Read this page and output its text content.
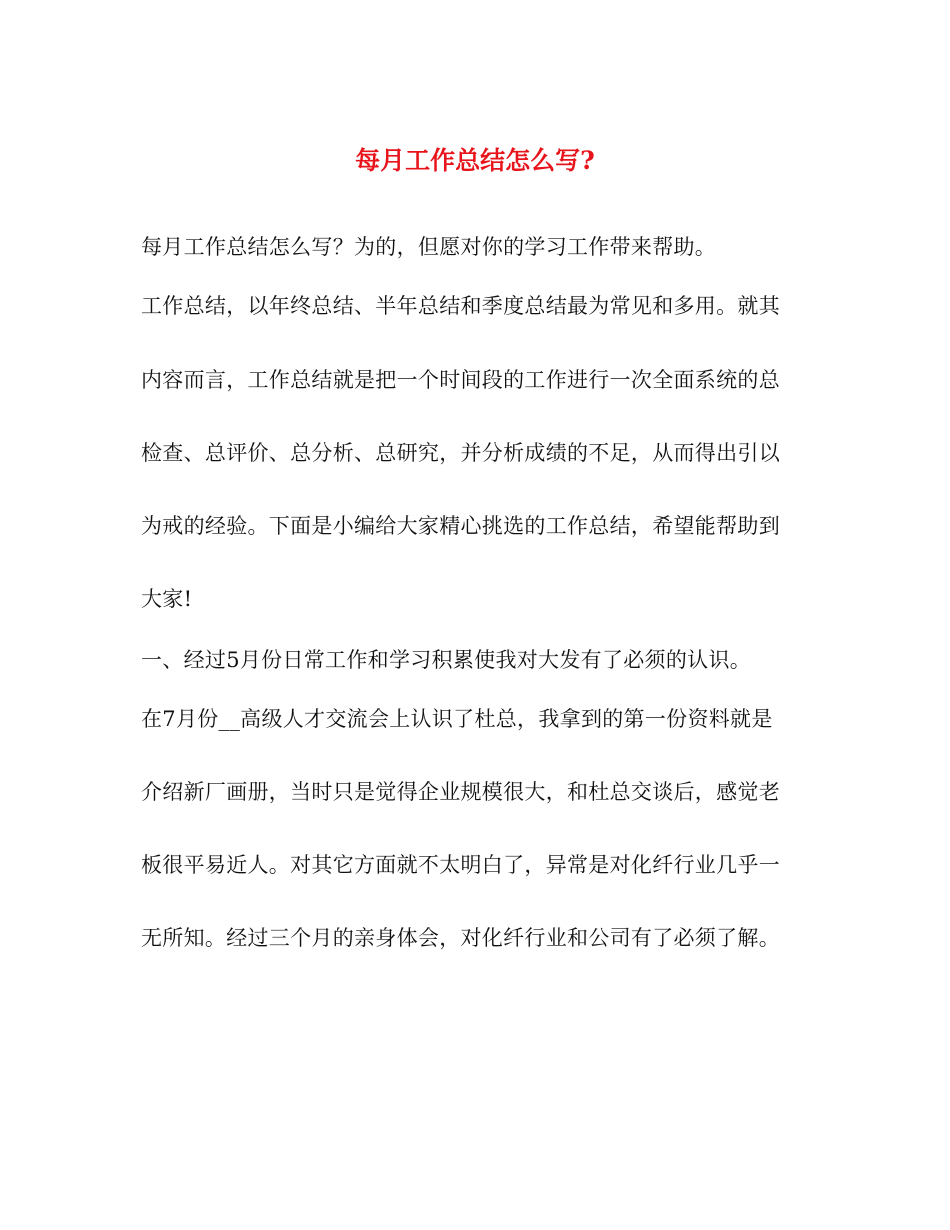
每月工作总结怎么写?
每月工作总结怎么写？为的，但愿对你的学习工作带来帮助。
工作总结，以年终总结、半年总结和季度总结最为常见和多用。就其
内容而言，工作总结就是把一个时间段的工作进行一次全面系统的总
检查、总评价、总分析、总研究，并分析成绩的不足，从而得出引以
为戒的经验。下面是小编给大家精心挑选的工作总结，希望能帮助到
大家!
一、经过5月份日常工作和学习积累使我对大发有了必须的认识。
在7月份__高级人才交流会上认识了杜总，我拿到的第一份资料就是
介绍新厂画册，当时只是觉得企业规模很大，和杜总交谈后，感觉老
板很平易近人。对其它方面就不太明白了，异常是对化纤行业几乎一
无所知。经过三个月的亲身体会，对化纤行业和公司有了必须了解。
